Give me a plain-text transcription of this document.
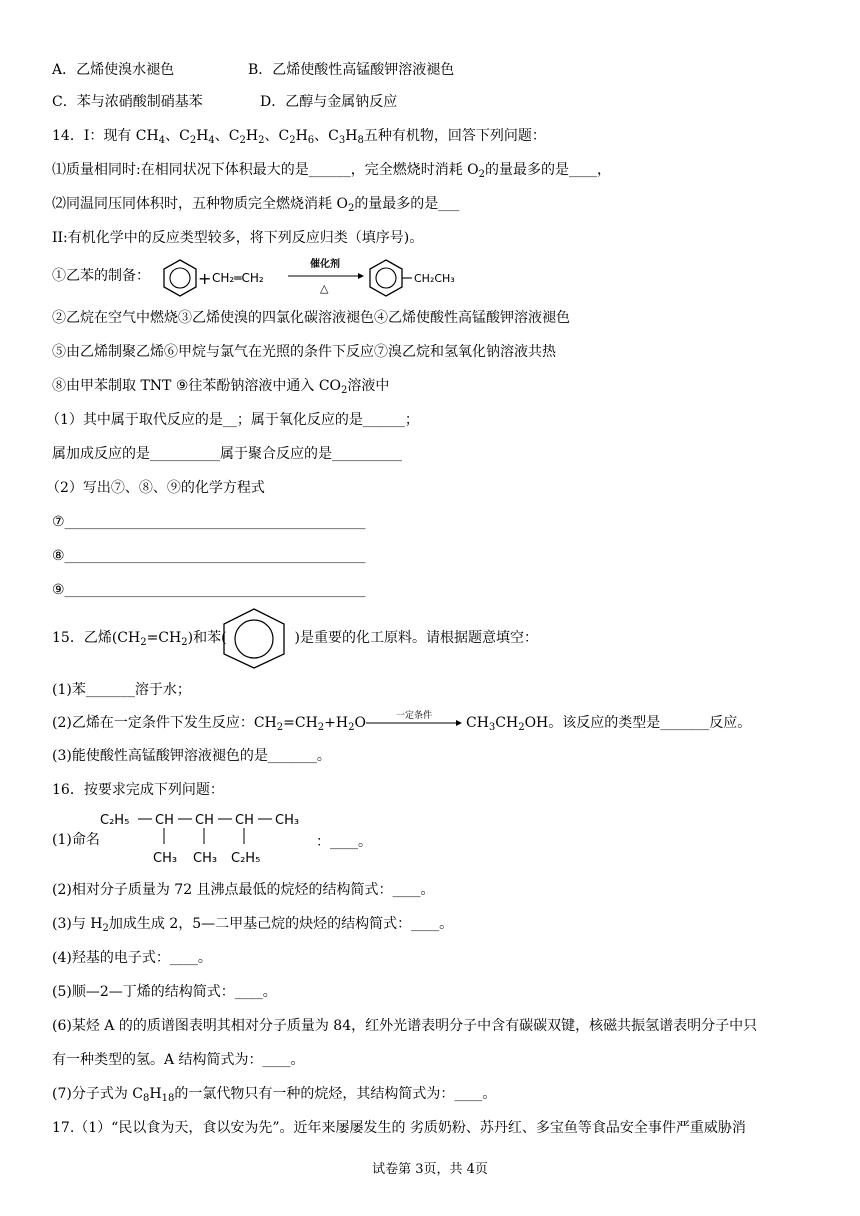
A．乙烯使溴水褪色	B．乙烯使酸性高锰酸钾溶液褪色
C．苯与浓硝酸制硝基苯	D．乙醇与金属钠反应
14．I：现有 $CH_4$、$C_2H_4$、$C_2H_2$、$C_2H_6$、$C_3H_8$五种有机物，回答下列问题：
⑴质量相同时:在相同状况下体积最大的是______，完全燃烧时消耗 $O_2$的量最多的是____，
⑵同温同压同体积时，五种物质完全燃烧消耗 $O_2$的量最多的是___
II:有机化学中的反应类型较多，将下列反应归类（填序号)。
①乙苯的制备：	+ CH₂═CH₂
催化剂
△
CH₂CH₃
②乙烷在空气中燃烧③乙烯使溴的四氯化碳溶液褪色④乙烯使酸性高锰酸钾溶液褪色
⑤由乙烯制聚乙烯⑥甲烷与氯气在光照的条件下反应⑦溴乙烷和氢氧化钠溶液共热
⑧由甲苯制取 TNT ⑨往苯酚钠溶液中通入 $CO_2$溶液中
（1）其中属于取代反应的是__；属于氧化反应的是______；
属加成反应的是__________属于聚合反应的是__________
（2）写出⑦、⑧、⑨的化学方程式
⑦___________________________________________
⑧___________________________________________
⑨___________________________________________
15．乙烯$(CH_2=CH_2)$和苯(	)是重要的化工原料。请根据题意填空：
(1)苯_______溶于水；
(2)乙烯在一定条件下发生反应：$CH_2=CH_2+H_2O$	$CH_3CH_2OH$。该反应的类型是_______反应。
一定条件
(3)能使酸性高锰酸钾溶液褪色的是_______。
16．按要求完成下列问题：
(1)命名
C₂H₅ CH CH CH CH₃
CH₃ CH₃ C₂H₅
：____。
(2)相对分子质量为 72 且沸点最低的烷烃的结构简式：____。
(3)与 $H_2$加成生成 2，5—二甲基己烷的炔烃的结构简式：____。
(4)羟基的电子式：____。
(5)顺—2—丁烯的结构简式：____。
(6)某烃 A 的的质谱图表明其相对分子质量为 84，红外光谱表明分子中含有碳碳双键，核磁共振氢谱表明分子中只
有一种类型的氢。A 结构简式为：____。
(7)分子式为 $C_8H_{18}$的一氯代物只有一种的烷烃，其结构简式为：____。
17.（1）“民以食为天，食以安为先”。近年来屡屡发生的 劣质奶粉、苏丹红、多宝鱼等食品安全事件严重威胁消
试卷第 3页，共 4页
